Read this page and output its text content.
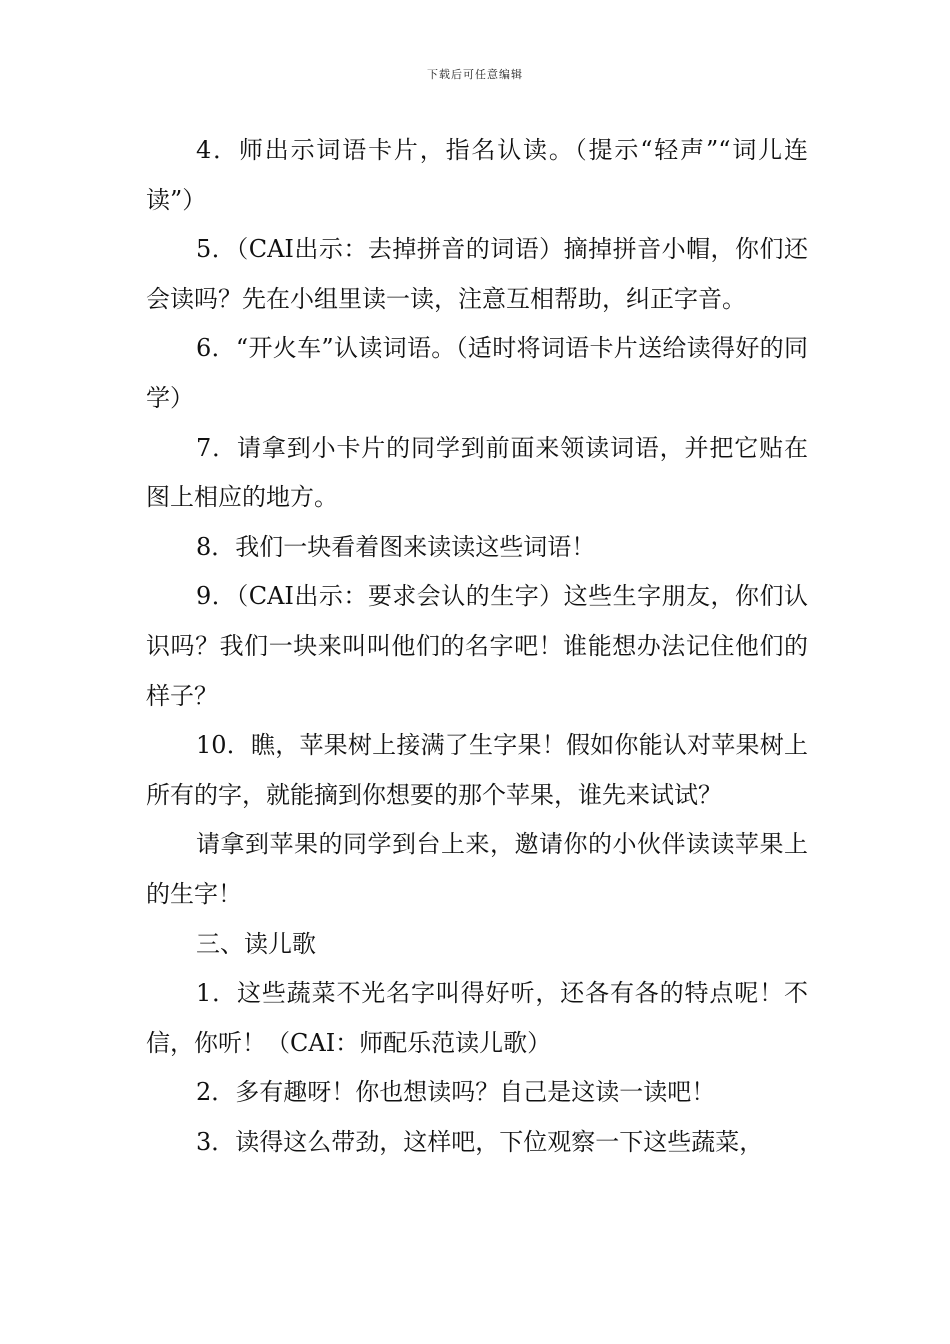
下载后可任意编辑

4．师出示词语卡片，指名认读。（提示“轻声”“词儿连读”）

5．（CAI出示：去掉拼音的词语）摘掉拼音小帽，你们还会读吗？先在小组里读一读，注意互相帮助，纠正字音。

6．“开火车”认读词语。（适时将词语卡片送给读得好的同学）

7．请拿到小卡片的同学到前面来领读词语，并把它贴在图上相应的地方。

8．我们一块看着图来读读这些词语！

9．（CAI出示：要求会认的生字）这些生字朋友，你们认识吗？我们一块来叫叫他们的名字吧！谁能想办法记住他们的样子？

10．瞧，苹果树上接满了生字果！假如你能认对苹果树上所有的字，就能摘到你想要的那个苹果，谁先来试试？

请拿到苹果的同学到台上来，邀请你的小伙伴读读苹果上的生字！

三、读儿歌

1．这些蔬菜不光名字叫得好听，还各有各的特点呢！不信，你听！（CAI：师配乐范读儿歌）

2．多有趣呀！你也想读吗？自己是这读一读吧！

3．读得这么带劲，这样吧，下位观察一下这些蔬菜，
